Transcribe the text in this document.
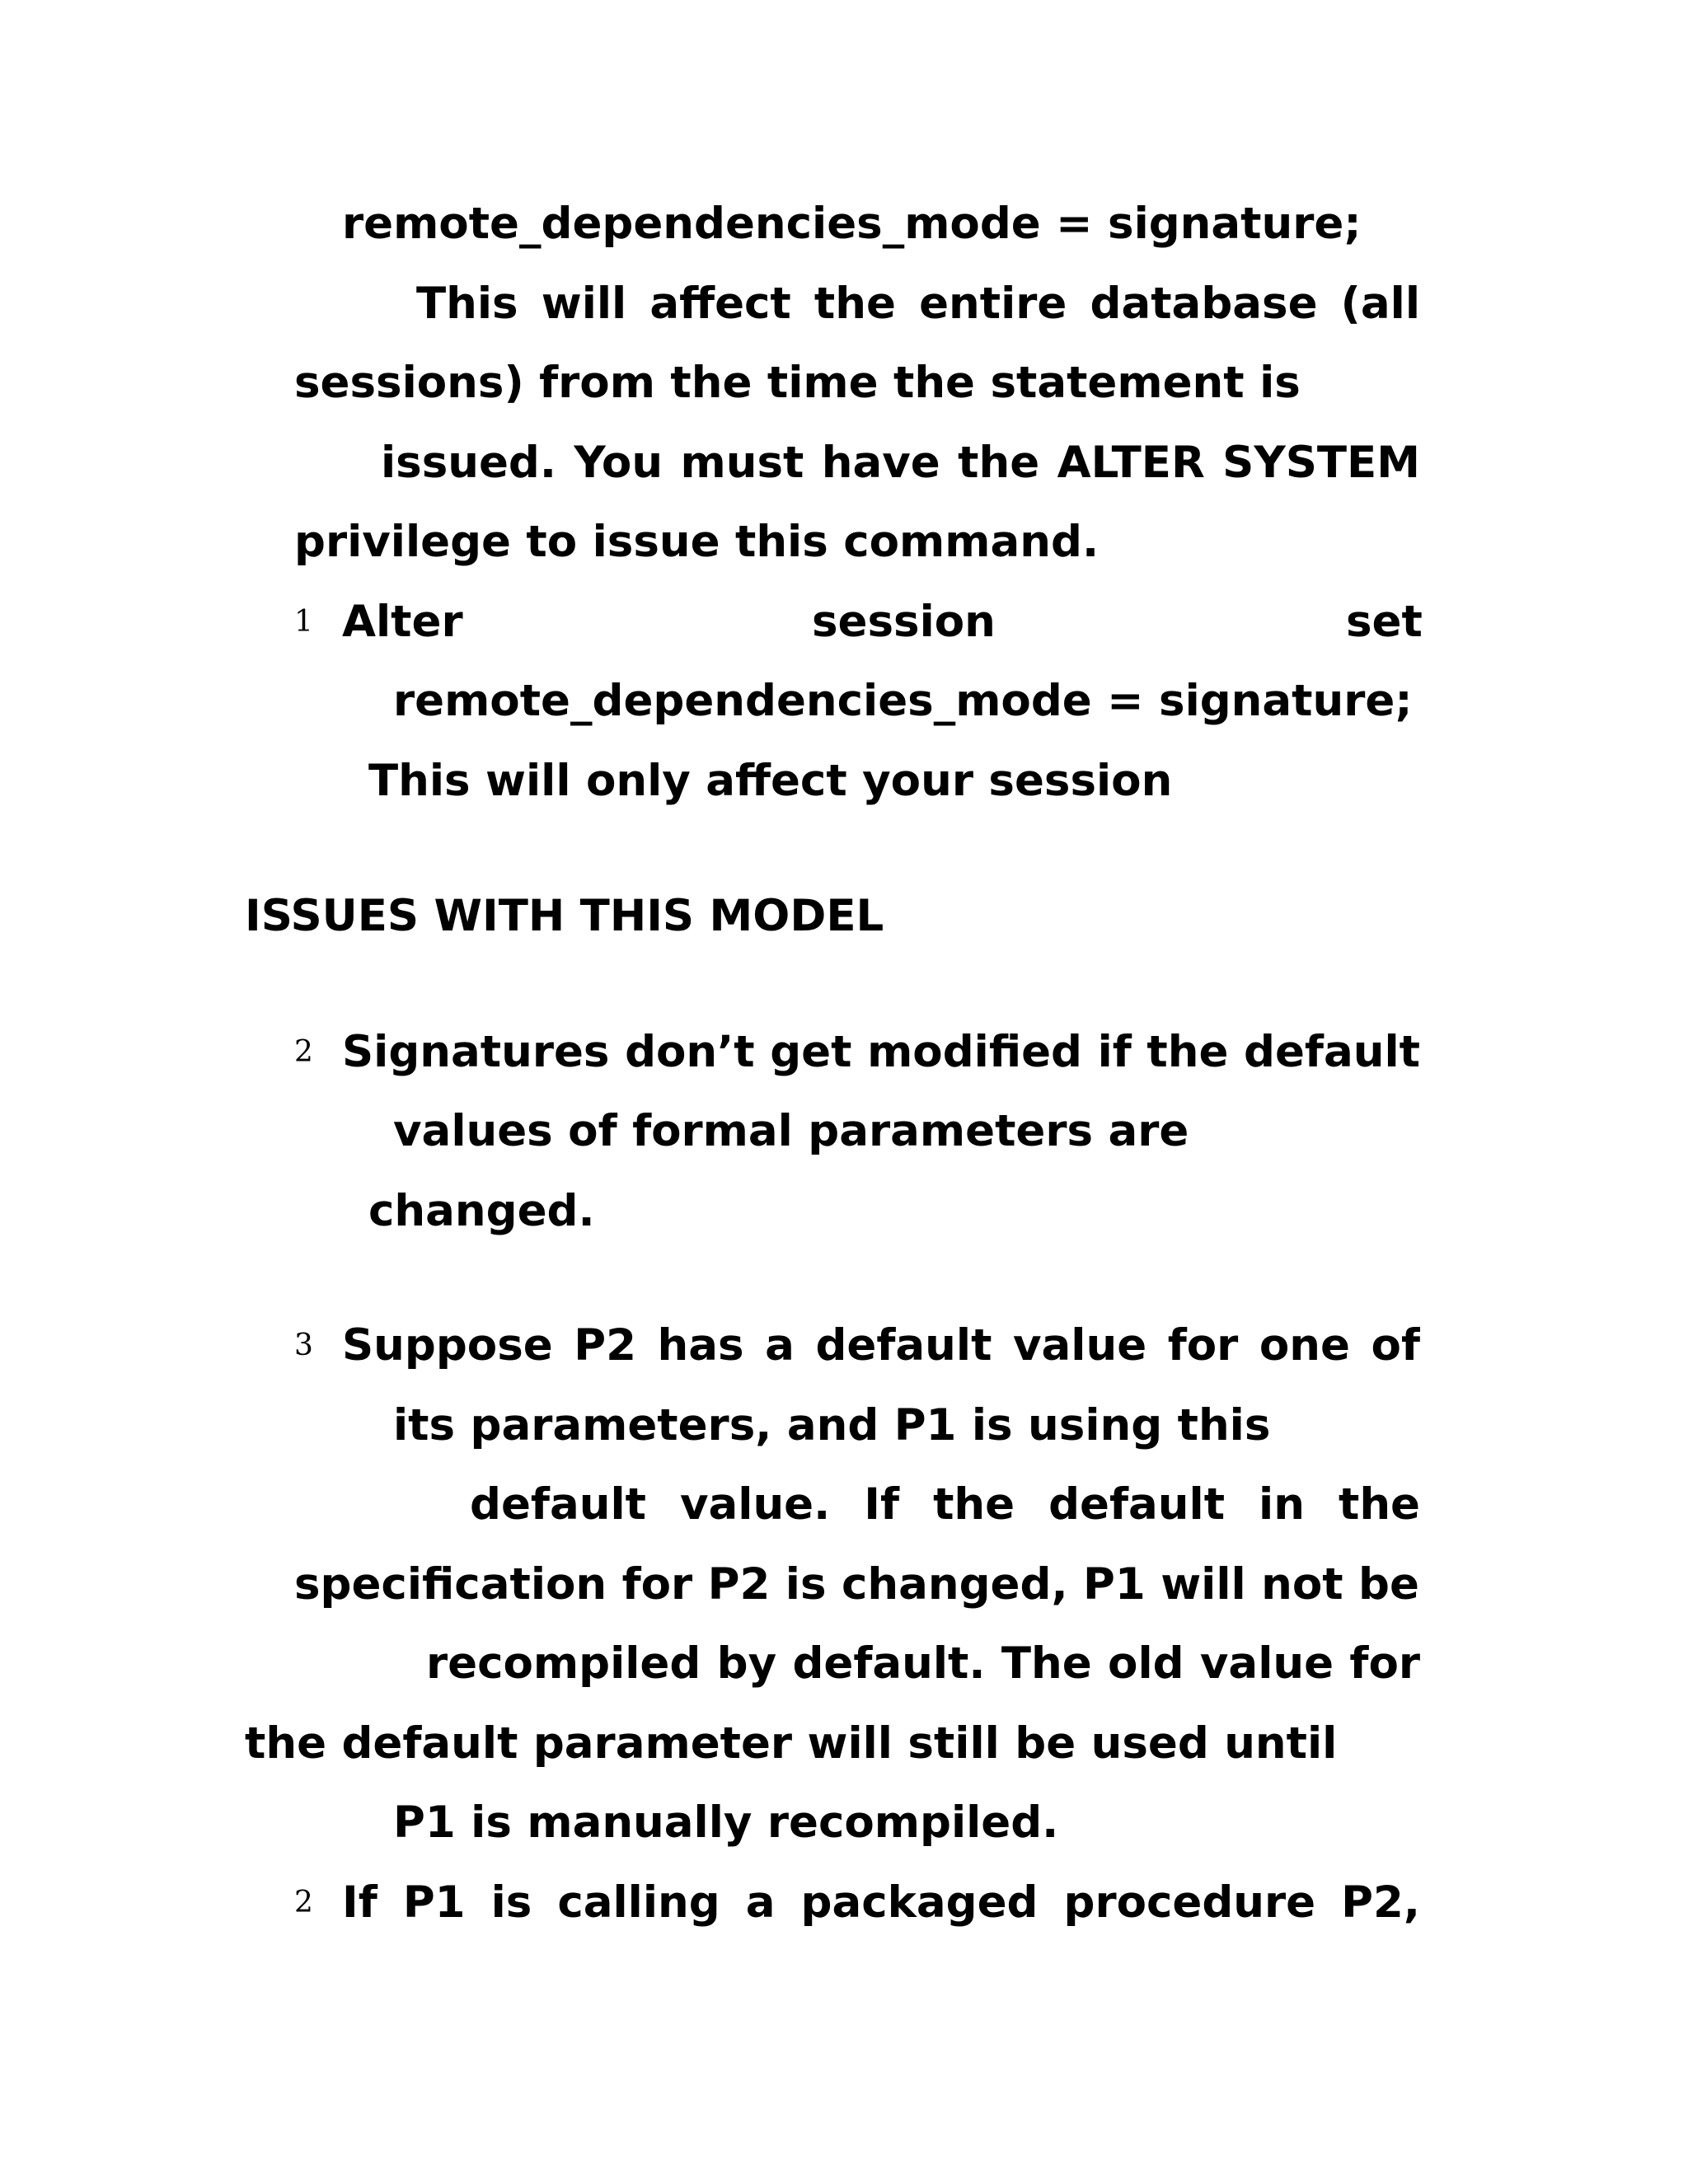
remote_dependencies_mode = signature;
This will affect the entire database (all
sessions) from the time the statement is
issued. You must have the ALTER SYSTEM
privilege to issue this command.
1 Alter	session	set
remote_dependencies_mode = signature;
This will only affect your session
ISSUES WITH THIS MODEL
2 Signatures don’t get modified if the default
values of formal parameters are
changed.
3 Suppose P2 has a default value for one of
its parameters, and P1 is using this
default value. If the default in the
specification for P2 is changed, P1 will not be
recompiled by default. The old value for
the default parameter will still be used until
P1 is manually recompiled.
2 If P1 is calling a packaged procedure P2,
